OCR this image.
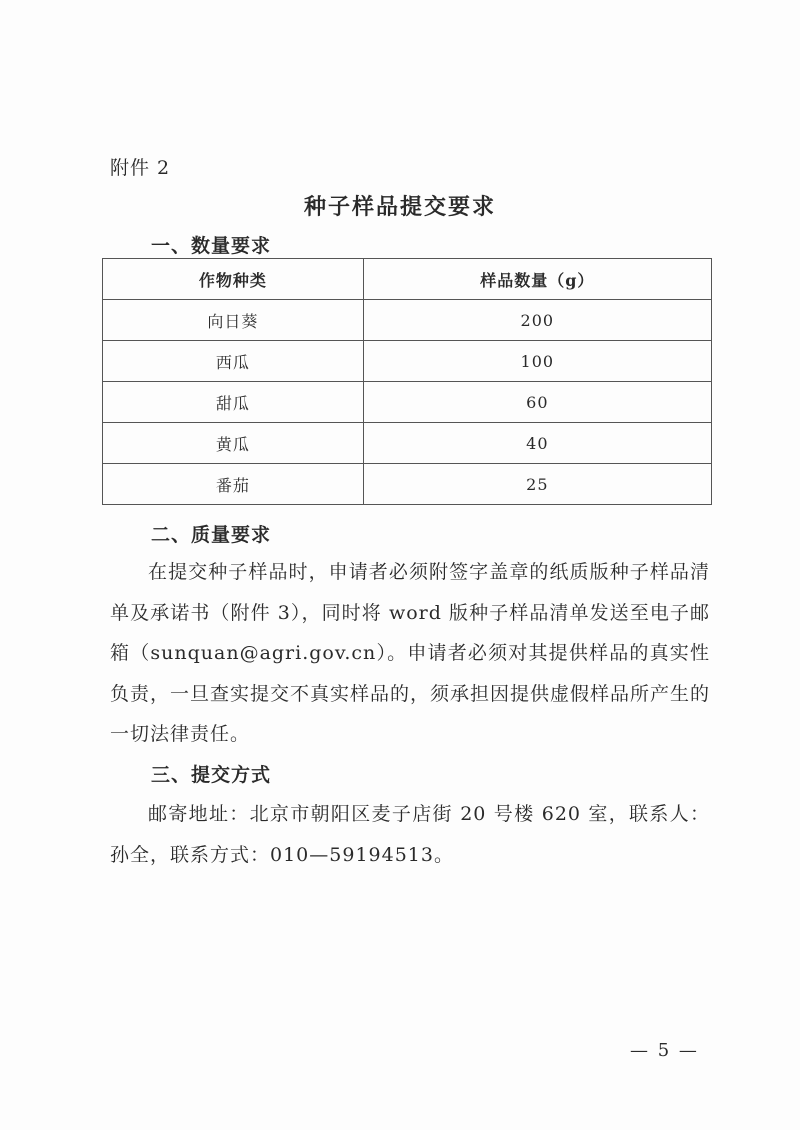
附件 2
种子样品提交要求
一、数量要求
作物种类	样品数量（g）
向日葵	200
西瓜	100
甜瓜	60
黄瓜	40
番茄	25
二、质量要求

在提交种子样品时，申请者必须附签字盖章的纸质版种子样品清单及承诺书（附件 3），同时将 word 版种子样品清单发送至电子邮箱（sunquan@agri.gov.cn）。申请者必须对其提供样品的真实性负责，一旦查实提交不真实样品的，须承担因提供虚假样品所产生的一切法律责任。

三、提交方式

邮寄地址：北京市朝阳区麦子店街 20 号楼 620 室，联系人：孙全，联系方式：010—59194513。

— 5 —
